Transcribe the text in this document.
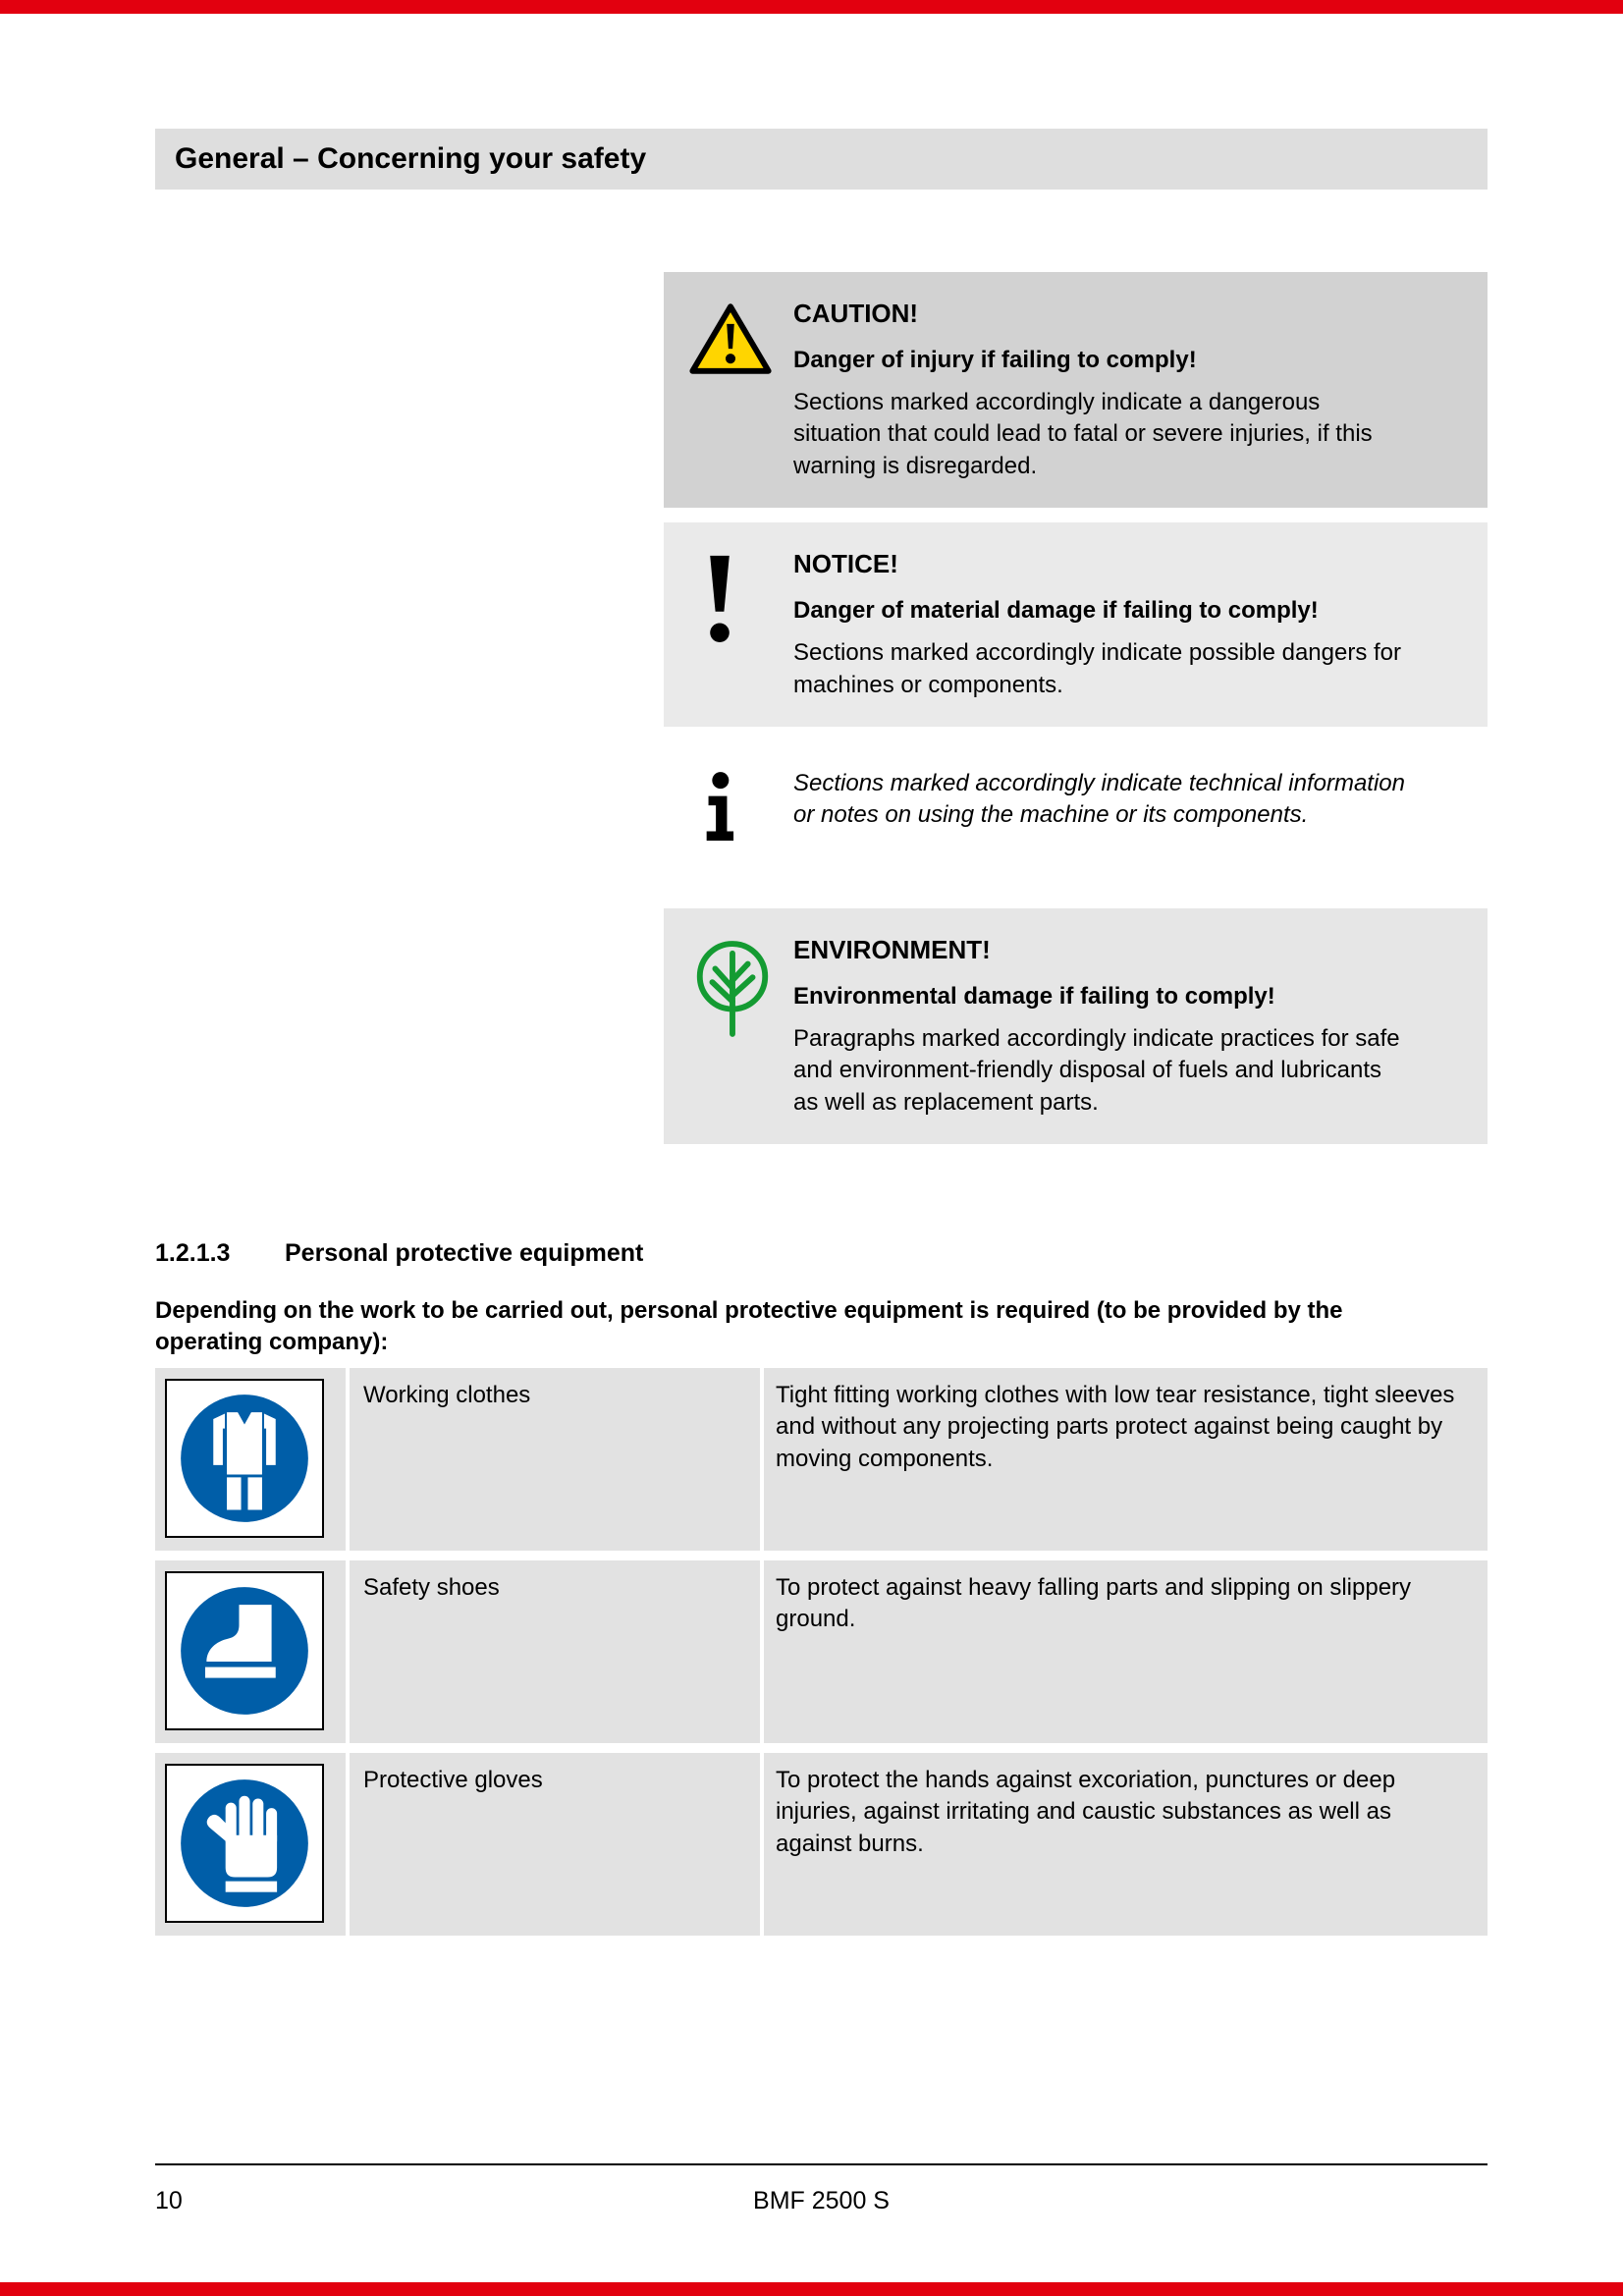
General – Concerning your safety

CAUTION!

Danger of injury if failing to comply!

Sections marked accordingly indicate a dangerous situation that could lead to fatal or severe injuries, if this warning is disregarded.

NOTICE!

Danger of material damage if failing to comply!

Sections marked accordingly indicate possible dangers for machines or components.

Sections marked accordingly indicate technical information or notes on using the machine or its components.

ENVIRONMENT!

Environmental damage if failing to comply!

Paragraphs marked accordingly indicate practices for safe and environment-friendly disposal of fuels and lubricants as well as replacement parts.

1.2.1.3	Personal protective equipment

Depending on the work to be carried out, personal protective equipment is required (to be provided by the operating company):

Working clothes	Tight fitting working clothes with low tear resistance, tight sleeves and without any projecting parts protect against being caught by moving components.
Safety shoes	To protect against heavy falling parts and slipping on slippery ground.
Protective gloves	To protect the hands against excoriation, punctures or deep injuries, against irritating and caustic substances as well as against burns.
10	BMF 2500 S
